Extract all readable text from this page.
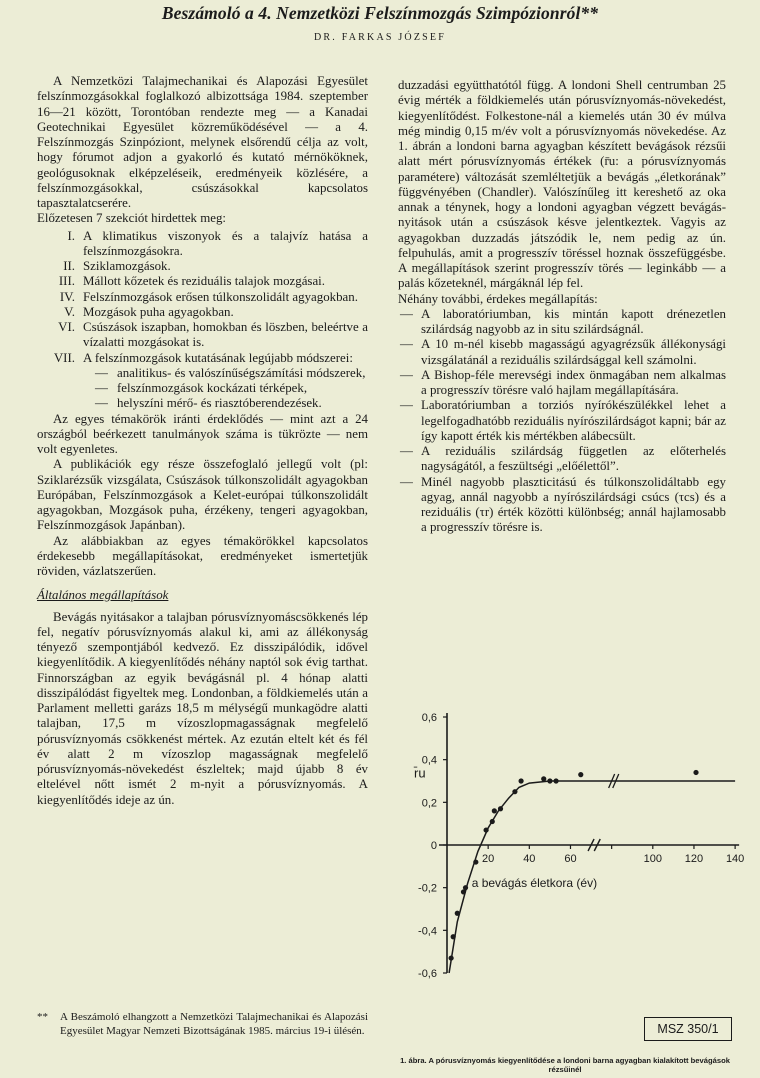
Beszámoló a 4. Nemzetközi Felszínmozgás Szimpózionról**
DR. FARKAS JÓZSEF

A Nemzetközi Talajmechanikai és Alapozási Egyesület felszínmozgásokkal foglalkozó albizottsága 1984. szeptember 16—21 között, Torontóban rendezte meg — a Kanadai Geotechnikai Egyesület közreműködésével — a 4. Felszínmozgás Szinpóziont, melynek elsőrendű célja az volt, hogy fórumot adjon a gyakorló és kutató mérnököknek, geológusoknak elképzeléseik, eredményeik közlésére, a felszínmozgásokkal, csúszásokkal kapcsolatos tapasztalatcserére.

Előzetesen 7 szekciót hirdettek meg:

I. A klimatikus viszonyok és a talajvíz hatása a felszínmozgásokra.
II. Sziklamozgások.
III. Mállott kőzetek és reziduális talajok mozgásai.
IV. Felszínmozgások erősen túlkonszolidált agyagokban.
V. Mozgások puha agyagokban.
VI. Csúszások iszapban, homokban és löszben, beleértve a vízalatti mozgásokat is.
VII. A felszínmozgások kutatásának legújabb módszerei:
— analitikus- és valószínűségszámítási módszerek,
— felszínmozgások kockázati térképek,
— helyszíni mérő- és riasztóberendezések.

Az egyes témakörök iránti érdeklődés — mint azt a 24 országból beérkezett tanulmányok száma is tükrözte — nem volt egyenletes.

A publikációk egy része összefoglaló jellegű volt (pl: Sziklarézsűk vizsgálata, Csúszások túlkonszolidált agyagokban Európában, Felszínmozgások a Kelet-európai túlkonszolidált agyagokban, Mozgások puha, érzékeny, tengeri agyagokban, Felszínmozgások Japánban).

Az alábbiakban az egyes témakörökkel kapcsolatos érdekesebb megállapításokat, eredményeket ismertetjük röviden, vázlatszerűen.

Általános megállapítások

Bevágás nyitásakor a talajban pórusvíznyomáscsökkenés lép fel, negatív pórusvíznyomás alakul ki, ami az állékonyság tényező szempontjából kedvező. Ez disszipálódik, idővel kiegyenlítődik. A kiegyenlítődés néhány naptól sok évig tarthat. Finnországban az egyik bevágásnál pl. 4 hónap alatti disszipálódást figyeltek meg. Londonban, a földkiemelés után a Parlament melletti garázs 18,5 m mélységű munkagödre alatti talajban, 17,5 m vízoszlopmagasságnak megfelelő pórusvíznyomás csökkenést mértek. Az ezután eltelt két és fél év alatt 2 m vízoszlop magasságnak megfelelő pórusvíznyomás-növekedést észleltek; majd újabb 8 év eltelével nőtt ismét 2 m-nyit a pórusvíznyomás. A kiegyenlítődés ideje az ún.

** A Beszámoló elhangzott a Nemzetközi Talajmechanikai és Alapozási Egyesület Magyar Nemzeti Bizottságának 1985. március 19-i ülésén.

duzzadási együtthatótól függ. A londoni Shell centrumban 25 évig mérték a földkiemelés után pórusvíznyomás-növekedést, kiegyenlítődést. Folkestone-nál a kiemelés után 30 év múlva még mindig 0,15 m/év volt a pórusvíznyomás növekedése. Az 1. ábrán a londoni barna agyagban készített bevágások rézsűi alatt mért pórusvíznyomás értékek (r̄u: a pórusvíznyomás paramétere) változását szemléltetjük a bevágás „életkorának” függvényében (Chandler). Valószínűleg itt kereshető az oka annak a ténynek, hogy a londoni agyagban végzett bevágás-nyitások után a csúszások késve jelentkeztek. Vagyis az agyagokban duzzadás játszódik le, nem pedig az ún. felpuhulás, amit a progresszív töréssel hoznak összefüggésbe. A megállapítások szerint progresszív törés — leginkább — a palás kőzeteknél, márgáknál lép fel.

Néhány további, érdekes megállapítás:

— A laboratóriumban, kis mintán kapott drénezetlen szilárdság nagyobb az in situ szilárdságnál.
— A 10 m-nél kisebb magasságú agyagrézsűk állékonysági vizsgálatánál a reziduális szilárdsággal kell számolni.
— A Bishop-féle merevségi index önmagában nem alkalmas a progresszív törésre való hajlam megállapítására.
— Laboratóriumban a torziós nyírókészülékkel lehet a legelfogadhatóbb reziduális nyírószilárdságot kapni; bár az így kapott érték kis mértékben alábecsült.
— A reziduális szilárdság független az előterhelés nagyságától, a feszültségi „előélettől”.
— Minél nagyobb plaszticitású és túlkonszolidáltabb egy agyag, annál nagyobb a nyírószilárdsági csúcs (τcs) és a reziduális (τr) érték közötti különbség; annál hajlamosabb a progresszív törésre is.
0,6
0,4
0,2
0
-0,2
-0,4
-0,6
20	40	60	100 120 140
a bevágás életkora (év)
r̄u
MSZ 350/1
1. ábra. A pórusvíznyomás kiegyenlítődése a londoni barna agyagban kialakított bevágások rézsűinél
